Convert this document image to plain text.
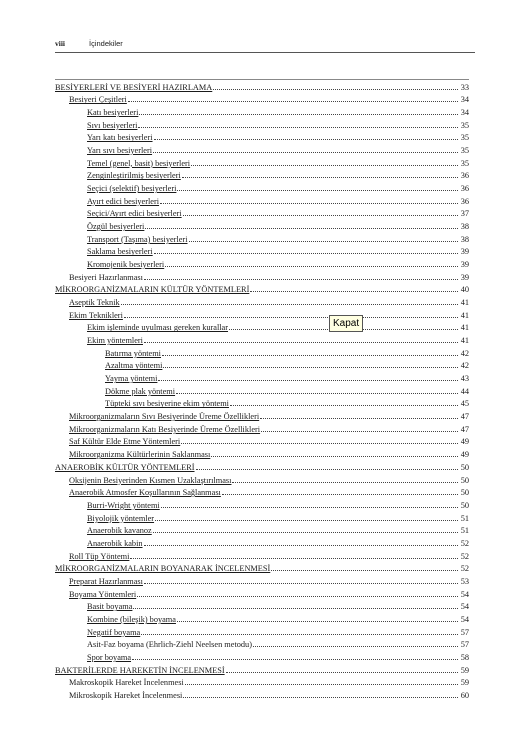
viii	İçindekiler
BESİYERLERİ VE BESİYERİ HAZIRLAMA	33
Besiyeri Çeşitleri	34
Katı besiyerleri	34
Sıvı besiyerleri	35
Yarı katı besiyerleri	35
Yarı sıvı besiyerleri	35
Temel (genel, basit) besiyerleri	35
Zenginleştirilmiş besiyerleri	36
Seçici (selektif) besiyerleri	36
Ayırt edici besiyerleri	36
Seçici/Ayırt edici besiyerleri	37
Özgül besiyerleri	38
Transport (Taşıma) besiyerleri	38
Saklama besiyerleri	39
Kromojenik besiyerleri	39
Besiyeri Hazırlanması	39
MİKROORGANİZMALARIN KÜLTÜR YÖNTEMLERİ	40
Aseptik Teknik	41
Ekim Teknikleri	41
Ekim işleminde uyulması gereken kurallar	41
Ekim yöntemleri	41
Batırma yöntemi	42
Azaltma yöntemi	42
Yayma yöntemi	43
Dökme plak yöntemi	44
Tüpteki sıvı besiyerine ekim yöntemi	45
Mikroorganizmaların Sıvı Besiyerinde Üreme Özellikleri	47
Mikroorganizmaların Katı Besiyerinde Üreme Özellikleri	47
Saf Kültür Elde Etme Yöntemleri	49
Mikroorganizma Kültürlerinin Saklanması	49
ANAEROBİK KÜLTÜR YÖNTEMLERİ	50
Oksijenin Besiyerinden Kısmen Uzaklaştırılması	50
Anaerobik Atmosfer Koşullarının Sağlanması	50
Burri-Wright yöntemi	50
Biyolojik yöntemler	51
Anaerobik kavanoz	51
Anaerobik kabin	52
Roll Tüp Yöntemi	52
MİKROORGANİZMALARIN BOYANARAK İNCELENMESİ	52
Preparat Hazırlanması	53
Boyama Yöntemleri	54
Basit boyama	54
Kombine (bileşik) boyama	54
Negatif boyama	57
Asit-Faz boyama (Ehrlich-Ziehl Neelsen metodu)	57
Spor boyama	58
BAKTERİLERDE HAREKETİN İNCELENMESİ	59
Makroskopik Hareket İncelenmesi	59
Mikroskopik Hareket İncelenmesi	60
Kapat
